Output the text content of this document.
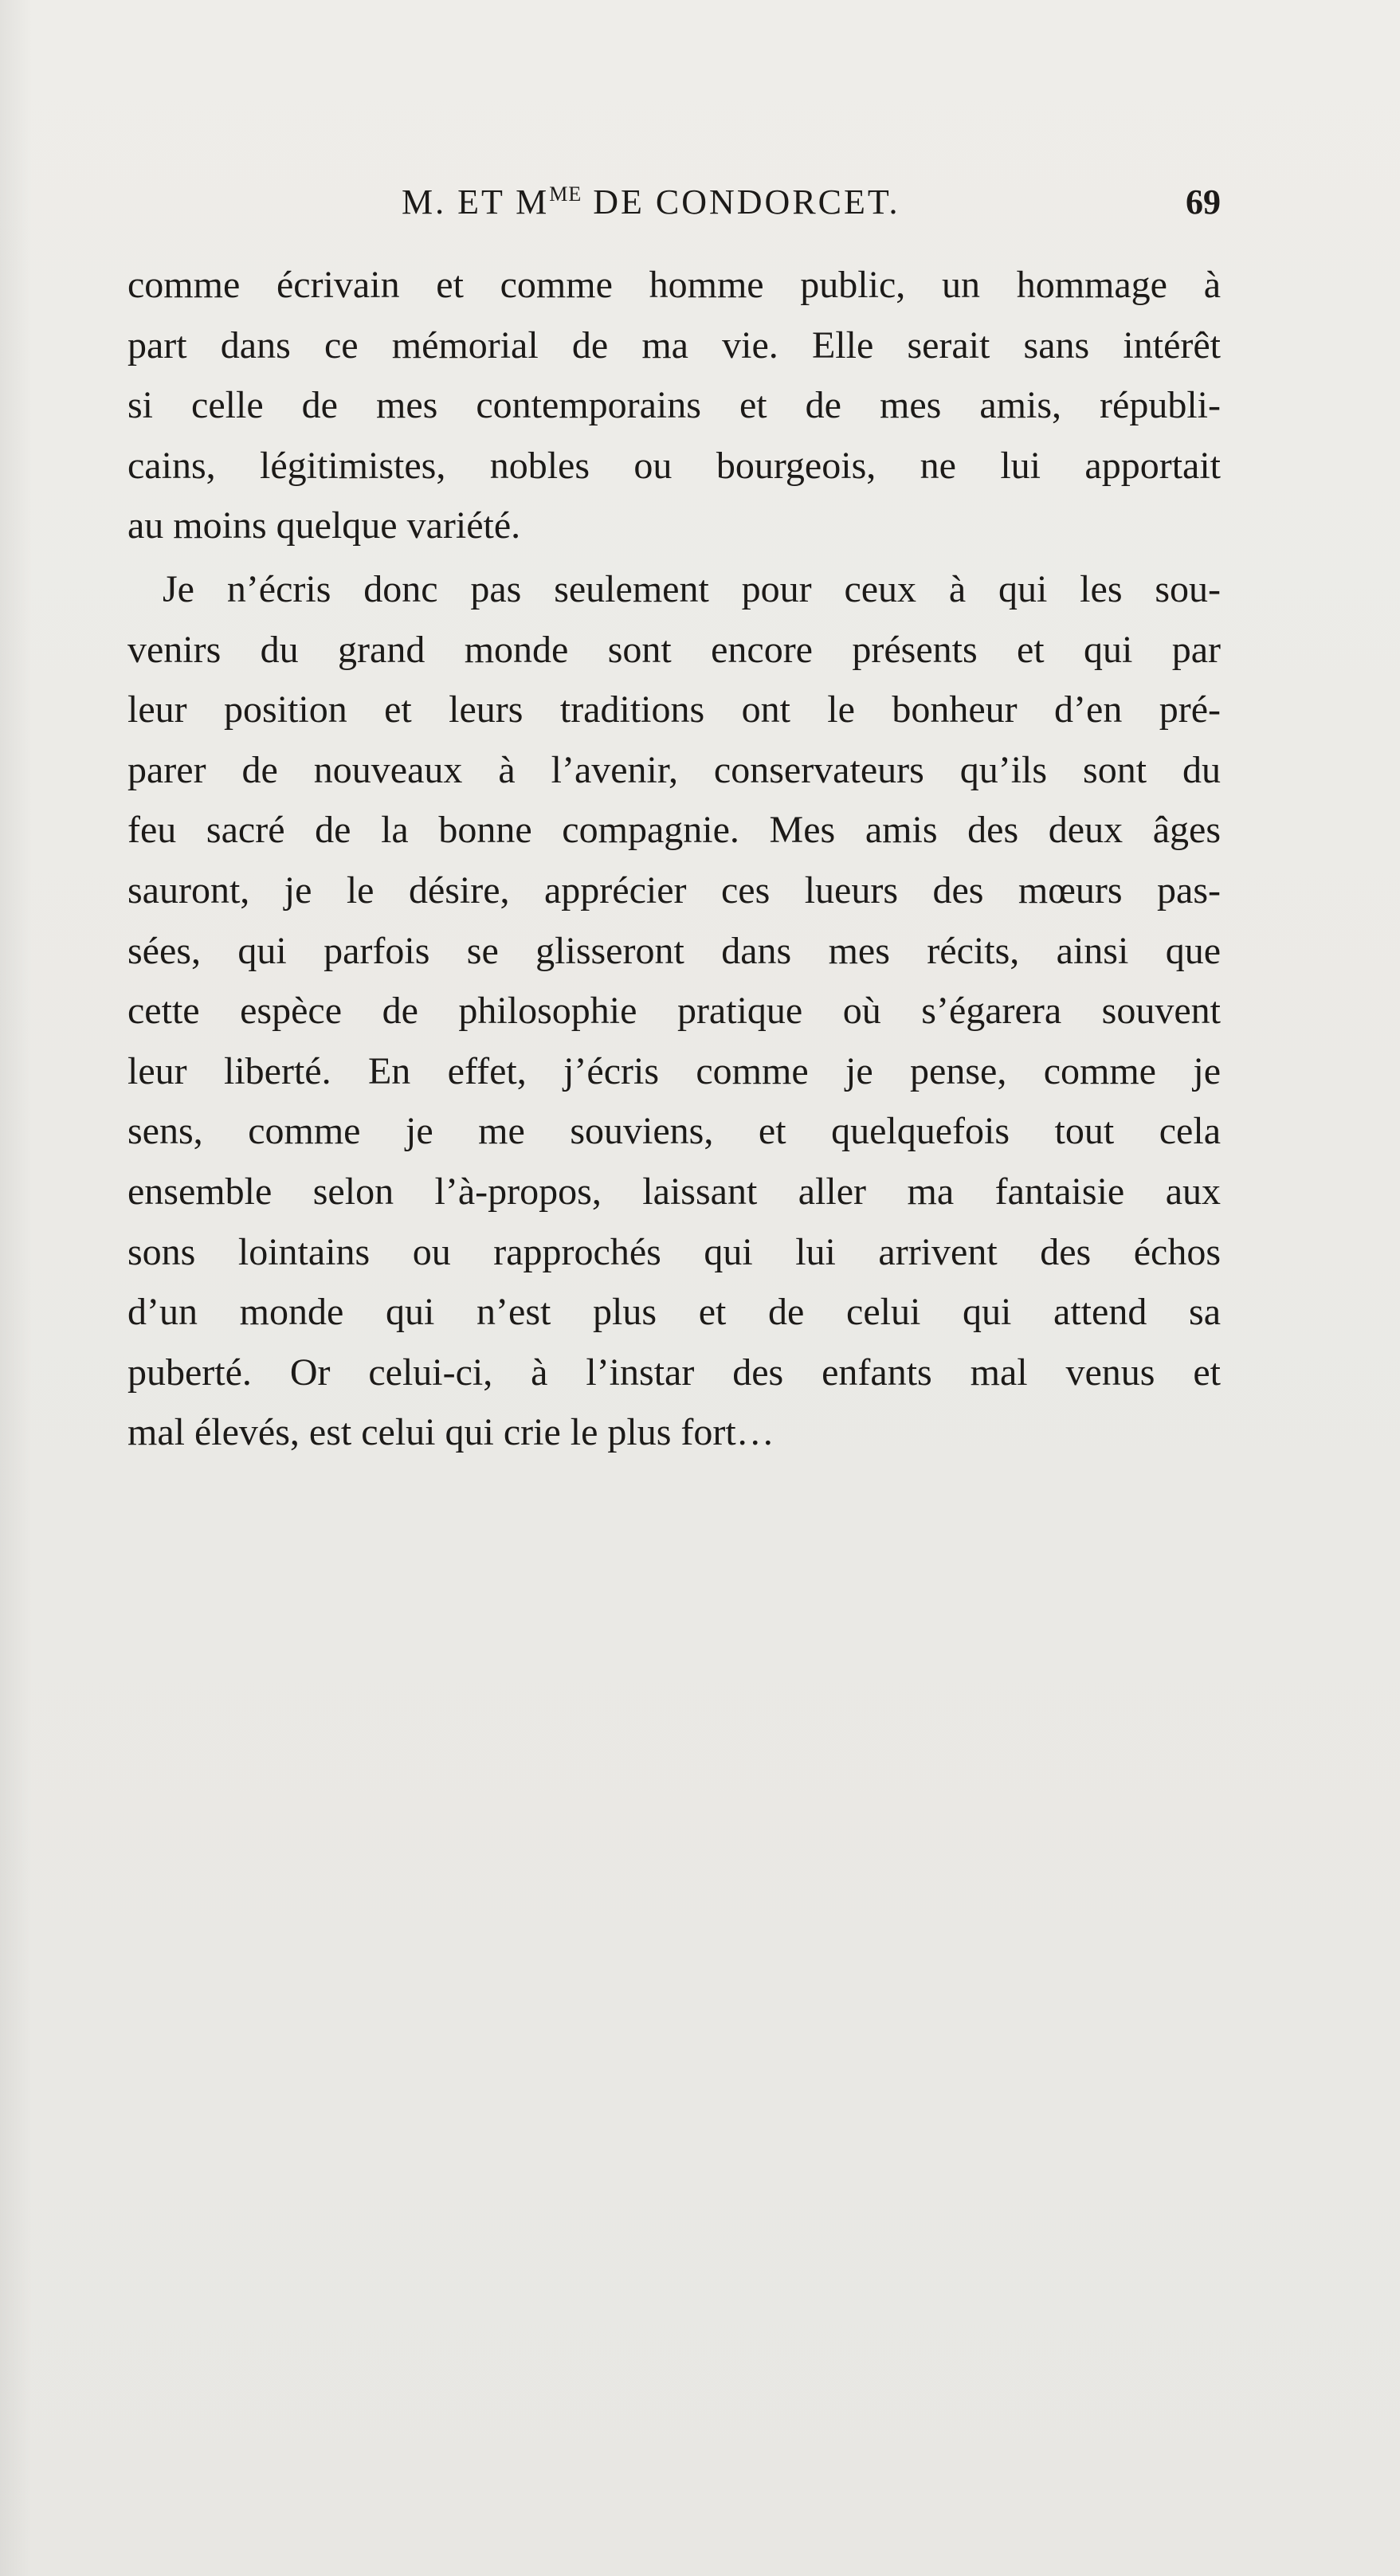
M. ET $M^{ME}$ DE CONDORCET.	69
comme écrivain et comme homme public, un hommage à
part dans ce mémorial de ma vie. Elle serait sans intérêt
si celle de mes contemporains et de mes amis, républi-
cains, légitimistes, nobles ou bourgeois, ne lui apportait
au moins quelque variété.
Je n’écris donc pas seulement pour ceux à qui les sou-
venirs du grand monde sont encore présents et qui par
leur position et leurs traditions ont le bonheur d’en pré-
parer de nouveaux à l’avenir, conservateurs qu’ils sont du
feu sacré de la bonne compagnie. Mes amis des deux âges
sauront, je le désire, apprécier ces lueurs des mœurs pas-
sées, qui parfois se glisseront dans mes récits, ainsi que
cette espèce de philosophie pratique où s’égarera souvent
leur liberté. En effet, j’écris comme je pense, comme je
sens, comme je me souviens, et quelquefois tout cela
ensemble selon l’à-propos, laissant aller ma fantaisie aux
sons lointains ou rapprochés qui lui arrivent des échos
d’un monde qui n’est plus et de celui qui attend sa
puberté. Or celui-ci, à l’instar des enfants mal venus et
mal élevés, est celui qui crie le plus fort…
